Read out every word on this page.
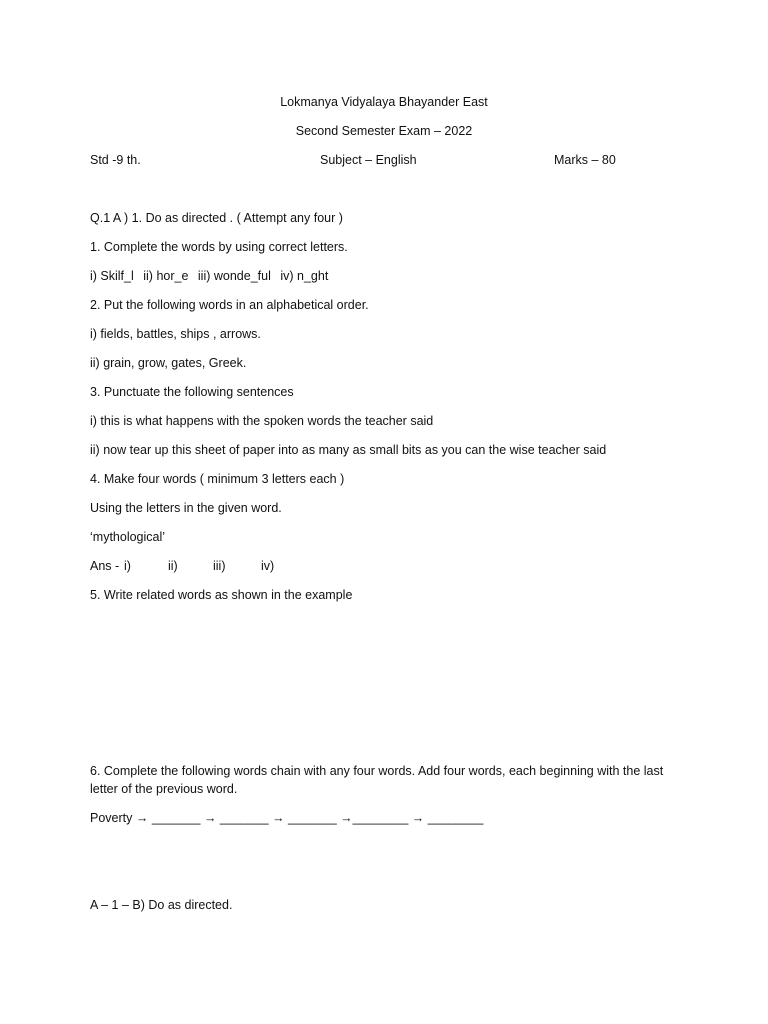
Lokmanya Vidyalaya Bhayander East
Second Semester Exam – 2022
Std -9 th.	Subject – English	Marks – 80
Q.1 A ) 1. Do as directed . ( Attempt any four )
1. Complete the words by using correct letters.
i) Skilf_l ii) hor_e iii) wonde_ful iv) n_ght
2. Put the following words in an alphabetical order.
i) fields, battles, ships , arrows.
ii) grain, grow, gates, Greek.
3. Punctuate the following sentences
i) this is what happens with the spoken words the teacher said
ii) now tear up this sheet of paper into as many as small bits as you can the wise teacher said
4. Make four words ( minimum 3 letters each )
Using the letters in the given word.
‘mythological’
Ans - i)	ii)	iii)	iv)
5. Write related words as shown in the example
6. Complete the following words chain with any four words. Add four words, each beginning with the last letter of the previous word.
Poverty → _______ → _______ → _______ →________ → ________
A – 1 – B) Do as directed.
